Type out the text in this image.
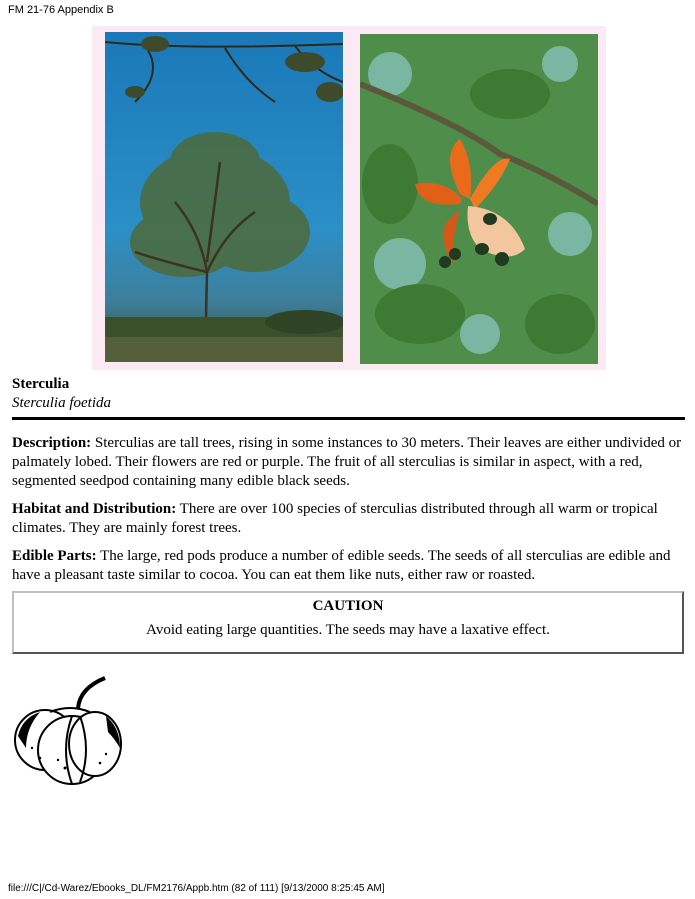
FM 21-76 Appendix B
Sterculia
Sterculia foetida
Description: Sterculias are tall trees, rising in some instances to 30 meters. Their leaves are either undivided or palmately lobed. Their flowers are red or purple. The fruit of all sterculias is similar in aspect, with a red, segmented seedpod containing many edible black seeds.
Habitat and Distribution: There are over 100 species of sterculias distributed through all warm or tropical climates. They are mainly forest trees.
Edible Parts: The large, red pods produce a number of edible seeds. The seeds of all sterculias are edible and have a pleasant taste similar to cocoa. You can eat them like nuts, either raw or roasted.
CAUTION
Avoid eating large quantities. The seeds may have a laxative effect.
file:///C|/Cd-Warez/Ebooks_DL/FM2176/Appb.htm (82 of 111) [9/13/2000 8:25:45 AM]
